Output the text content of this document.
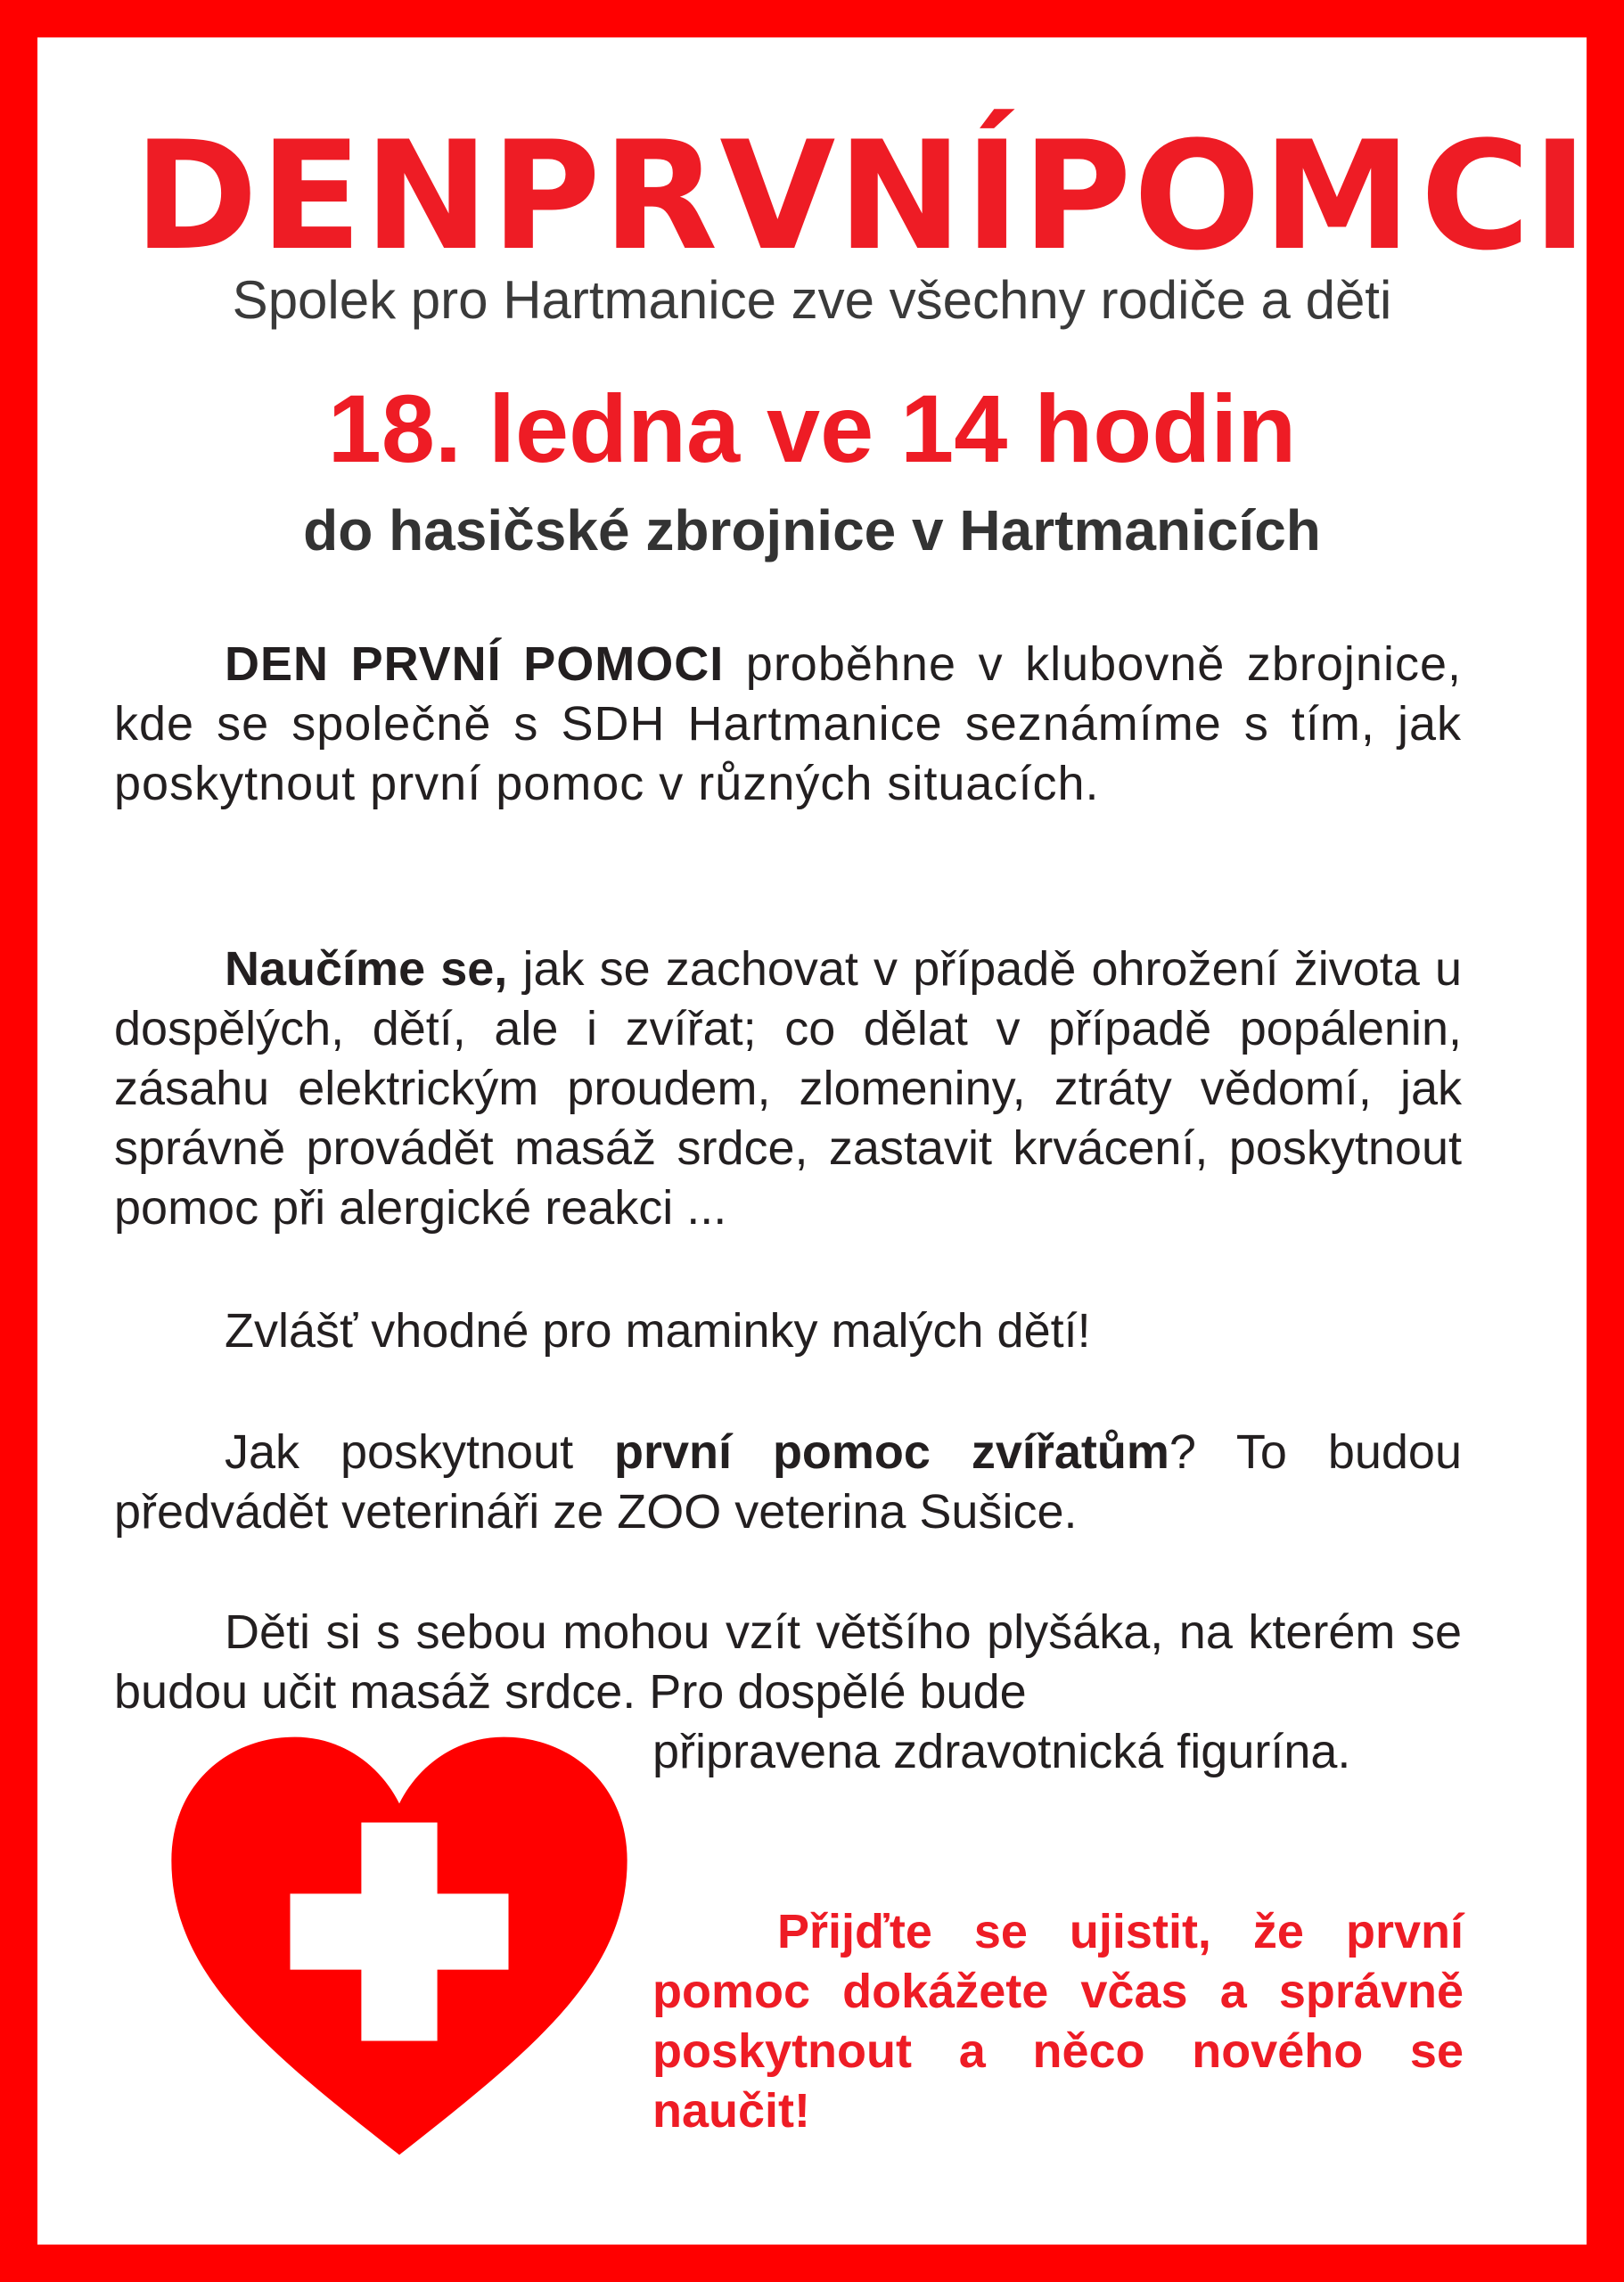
DEN PRVNÍ POM CI
Spolek pro Hartmanice zve všechny rodiče a děti
18. ledna ve 14 hodin
do hasičské zbrojnice v Hartmanicích
DEN PRVNÍ POMOCI proběhne v klubovně zbrojnice, kde se společně s SDH Hartmanice seznámíme s tím, jak poskytnout první pomoc v různých situacích.
Naučíme se, jak se zachovat v případě ohrožení života u dospělých, dětí, ale i zvířat; co dělat v případě popálenin, zásahu elektrickým proudem, zlomeniny, ztráty vědomí, jak správně provádět masáž srdce, zastavit krvácení, poskytnout pomoc při alergické reakci ...
Zvlášť vhodné pro maminky malých dětí!
Jak poskytnout první pomoc zvířatům? To budou předvádět veterináři ze ZOO veterina Sušice.
Děti si s sebou mohou vzít většího plyšáka, na kterém se budou učit masáž srdce. Pro dospělé bude
připravena zdravotnická figurína.
Přijďte se ujistit, že první pomoc dokážete včas a správně poskytnout a něco nového se naučit!
